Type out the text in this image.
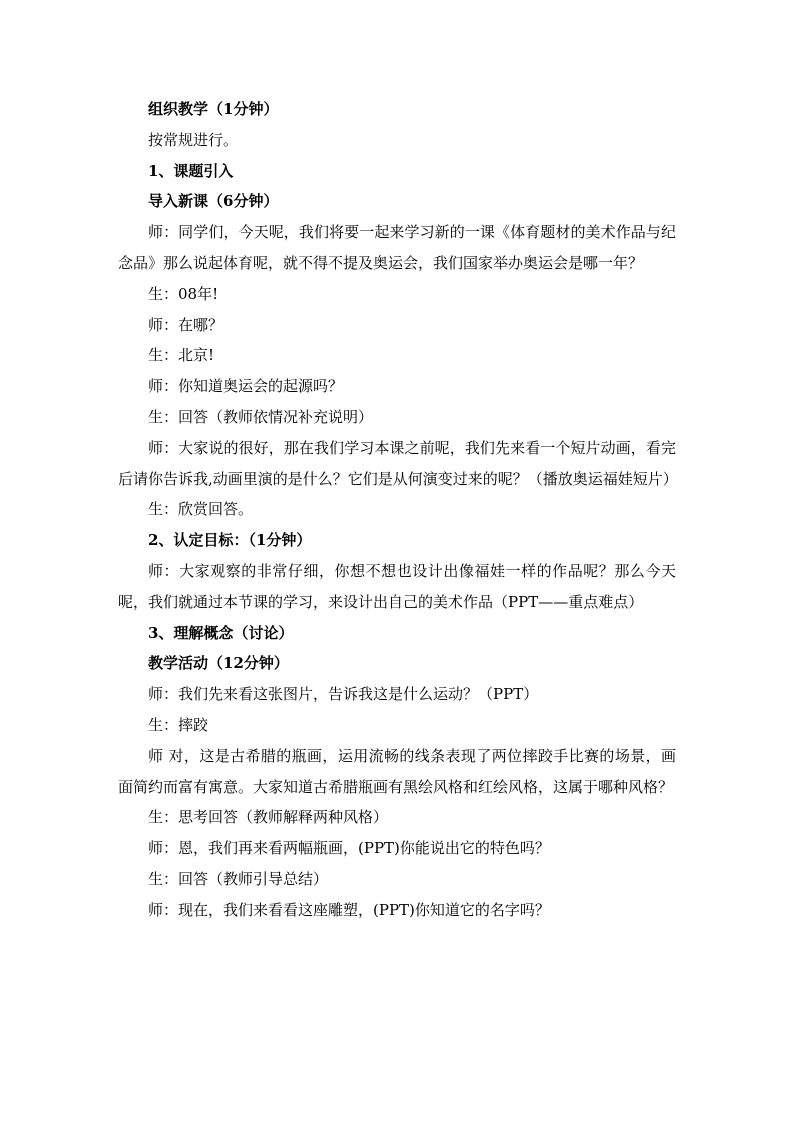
组织教学（1分钟）

按常规进行。

1、课题引入

导入新课（6分钟）

师：同学们，今天呢，我们将要一起来学习新的一课《体育题材的美术作品与纪念品》那么说起体育呢，就不得不提及奥运会，我们国家举办奥运会是哪一年？

生：08年!

师：在哪？

生：北京!

师：你知道奥运会的起源吗？

生：回答（教师依情况补充说明）

师：大家说的很好，那在我们学习本课之前呢，我们先来看一个短片动画，看完后请你告诉我,动画里演的是什么？它们是从何演变过来的呢？（播放奥运福娃短片）

生：欣赏回答。

2、认定目标：（1分钟）

师：大家观察的非常仔细，你想不想也设计出像福娃一样的作品呢？那么今天呢，我们就通过本节课的学习，来设计出自己的美术作品（PPT——重点难点）

3、理解概念（讨论）

教学活动（12分钟）

师：我们先来看这张图片，告诉我这是什么运动？（PPT）

生：摔跤

师 对，这是古希腊的瓶画，运用流畅的线条表现了两位摔跤手比赛的场景，画面简约而富有寓意。大家知道古希腊瓶画有黑绘风格和红绘风格，这属于哪种风格？

生：思考回答（教师解释两种风格）

师：恩，我们再来看两幅瓶画，(PPT)你能说出它的特色吗？

生：回答（教师引导总结）

师：现在，我们来看看这座雕塑，(PPT)你知道它的名字吗？
